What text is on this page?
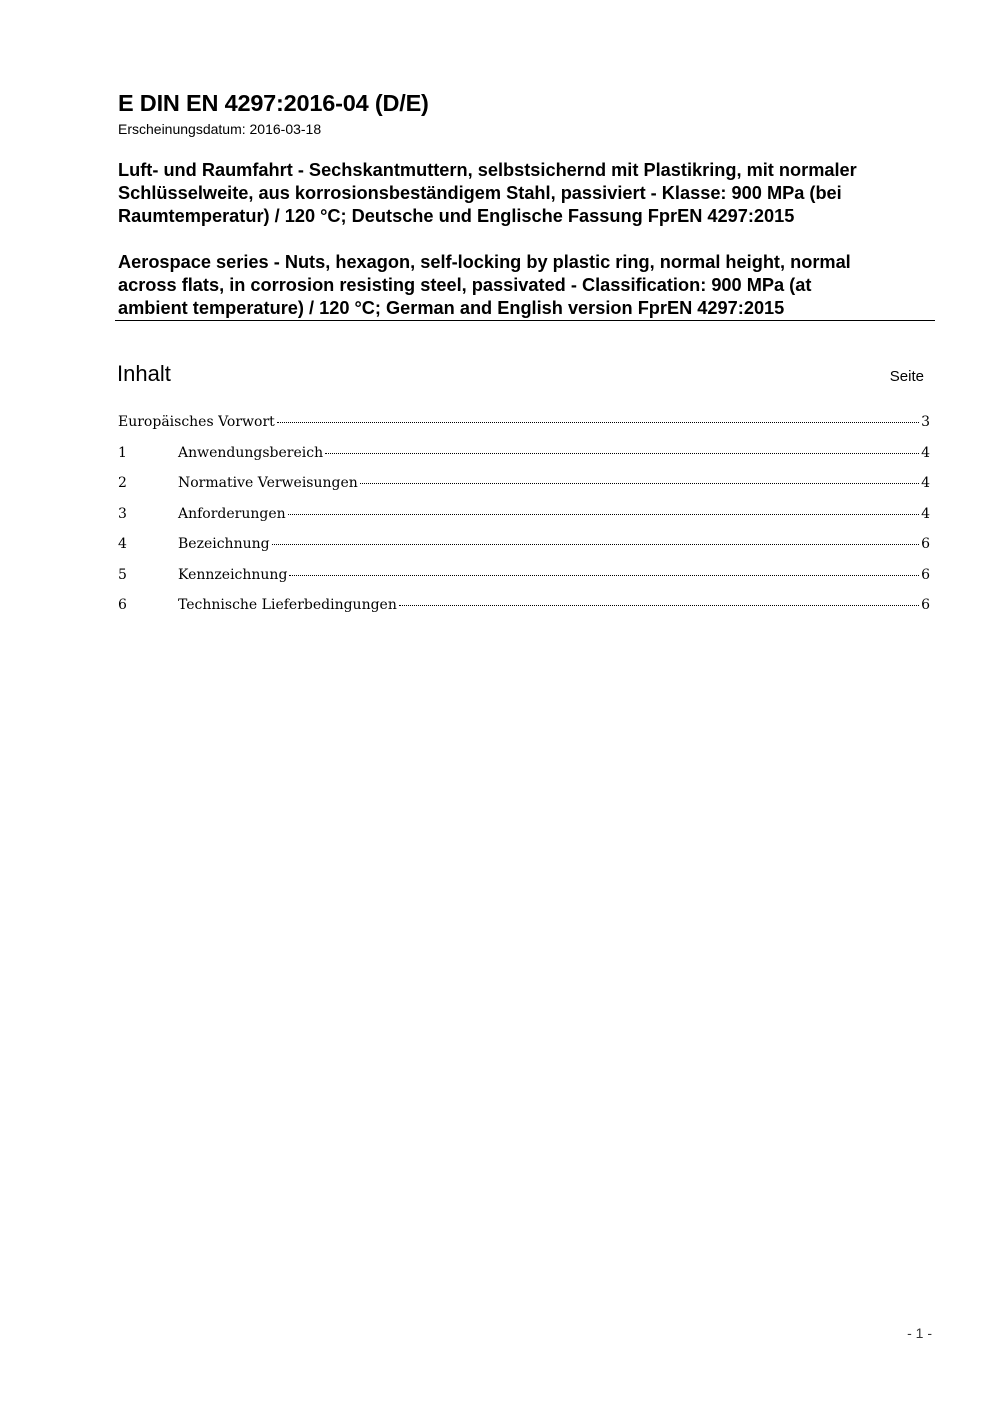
E DIN EN 4297:2016-04 (D/E)
Erscheinungsdatum: 2016-03-18
Luft- und Raumfahrt - Sechskantmuttern, selbstsichernd mit Plastikring, mit normaler
Schlüsselweite, aus korrosionsbeständigem Stahl, passiviert - Klasse: 900 MPa (bei
Raumtemperatur) / 120 °C; Deutsche und Englische Fassung FprEN 4297:2015
Aerospace series - Nuts, hexagon, self-locking by plastic ring, normal height, normal
across flats, in corrosion resisting steel, passivated - Classification: 900 MPa (at
ambient temperature) / 120 °C; German and English version FprEN 4297:2015
Inhalt	Seite
Europäisches Vorwort	3
1	Anwendungsbereich	4
2	Normative Verweisungen	4
3	Anforderungen	4
4	Bezeichnung	6
5	Kennzeichnung	6
6	Technische Lieferbedingungen	6
- 1 -
